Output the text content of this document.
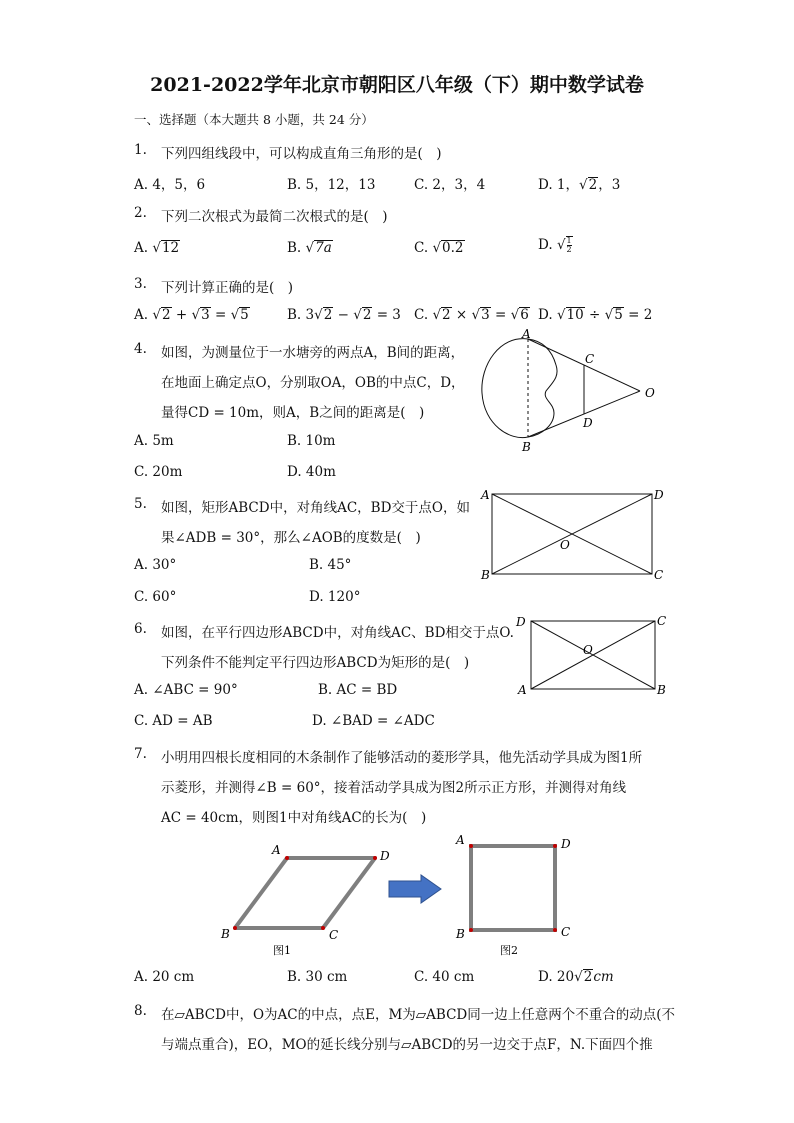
2021-2022学年北京市朝阳区八年级（下）期中数学试卷
一、选择题（本大题共 8 小题，共 24 分）
1. 下列四组线段中，可以构成直角三角形的是(　)
A. 4，5，6	B. 5，12，13	C. 2，3，4	D. 1，√2，3
2. 下列二次根式为最简二次根式的是(　)
A. √12	B. √7a	C. √0.2	D. √ $\frac{1}{2}$
3. 下列计算正确的是(　)
A. √2 + √3 = √5	B. 3√2 − √2 = 3 C. √2 × √3 = √6 D. √10 ÷ √5 = 2
4. 如图，为测量位于一水塘旁的两点A，B间的距离，
在地面上确定点O，分别取OA，OB的中点C，D，
量得CD = 10m，则A，B之间的距离是(　)
A. 5m	B. 10m
C. 20m	D. 40m
A
B
C
D
O
5. 如图，矩形ABCD中，对角线AC，BD交于点O，如
果∠ADB = 30°，那么∠AOB的度数是(　)
A. 30°	B. 45°
C. 60°	D. 120°
A	D
B	C
O
6. 如图，在平行四边形ABCD中，对角线AC、BD相交于点O.
下列条件不能判定平行四边形ABCD为矩形的是(　)
A. ∠ABC = 90°	B. AC = BD
C. AD = AB	D. ∠BAD = ∠ADC
D	C
A	B
O
7. 小明用四根长度相同的木条制作了能够活动的菱形学具，他先活动学具成为图1所
示菱形，并测得∠B = 60°，接着活动学具成为图2所示正方形，并测得对角线
AC = 40cm，则图1中对角线AC的长为(　)
A	D
B	C
图1
A	D
B	C
图2
A. 20 cm	B. 30 cm	C. 40 cm	D. 20√2cm
8. 在▱ABCD中，O为AC的中点，点E，M为▱ABCD同一边上任意两个不重合的动点(不
与端点重合)，EO，MO的延长线分别与▱ABCD的另一边交于点F，N.下面四个推
